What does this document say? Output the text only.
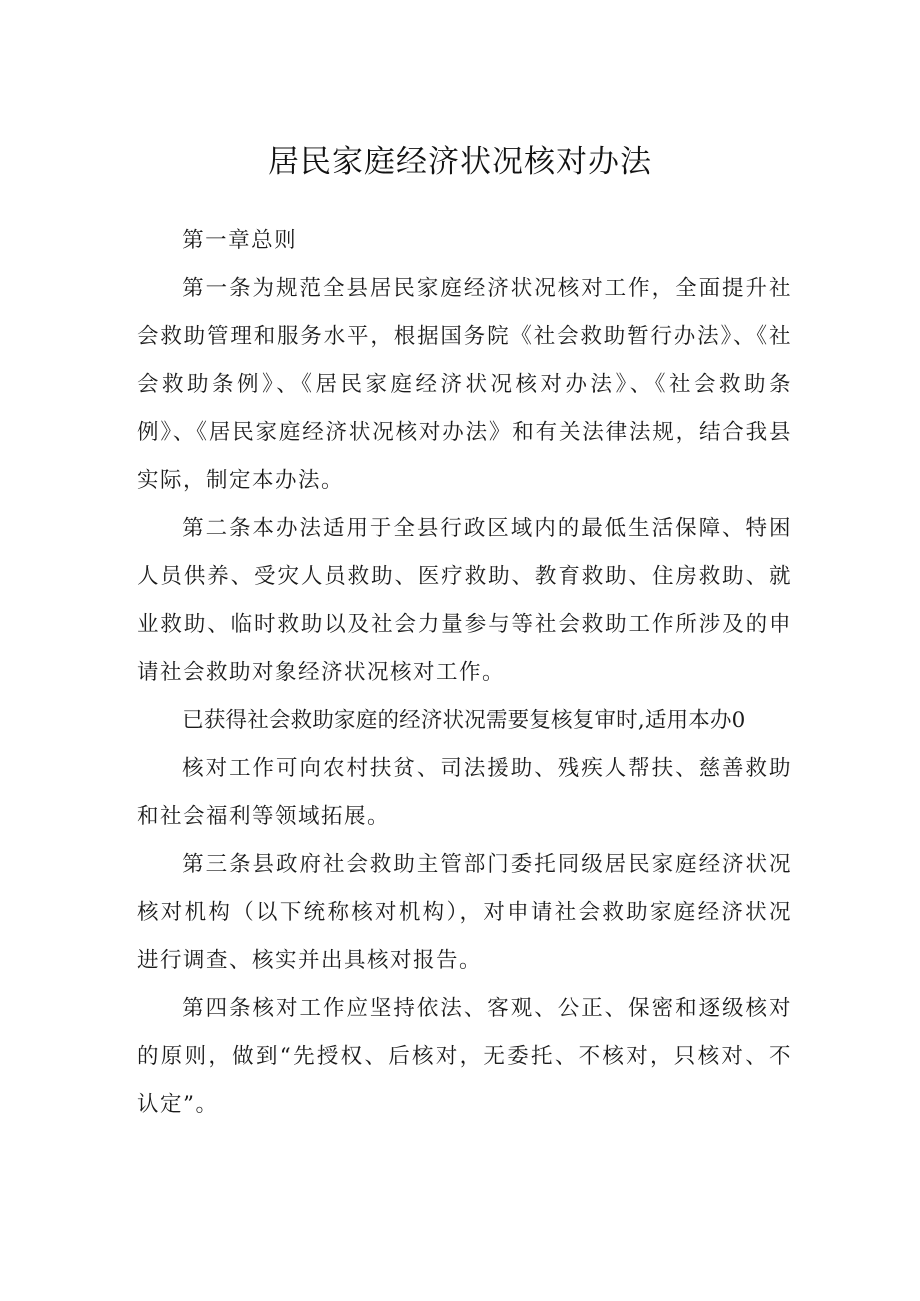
居民家庭经济状况核对办法

第一章总则

第一条为规范全县居民家庭经济状况核对工作，全面提升社会救助管理和服务水平，根据国务院《社会救助暂行办法》、《社会救助条例》、《居民家庭经济状况核对办法》、《社会救助条例》、《居民家庭经济状况核对办法》和有关法律法规，结合我县实际，制定本办法。

第二条本办法适用于全县行政区域内的最低生活保障、特困人员供养、受灾人员救助、医疗救助、教育救助、住房救助、就业救助、临时救助以及社会力量参与等社会救助工作所涉及的申请社会救助对象经济状况核对工作。

已获得社会救助家庭的经济状况需要复核复审时,适用本办0

核对工作可向农村扶贫、司法援助、残疾人帮扶、慈善救助和社会福利等领域拓展。

第三条县政府社会救助主管部门委托同级居民家庭经济状况核对机构（以下统称核对机构），对申请社会救助家庭经济状况进行调查、核实并出具核对报告。

第四条核对工作应坚持依法、客观、公正、保密和逐级核对的原则，做到“先授权、后核对，无委托、不核对，只核对、不认定”。
